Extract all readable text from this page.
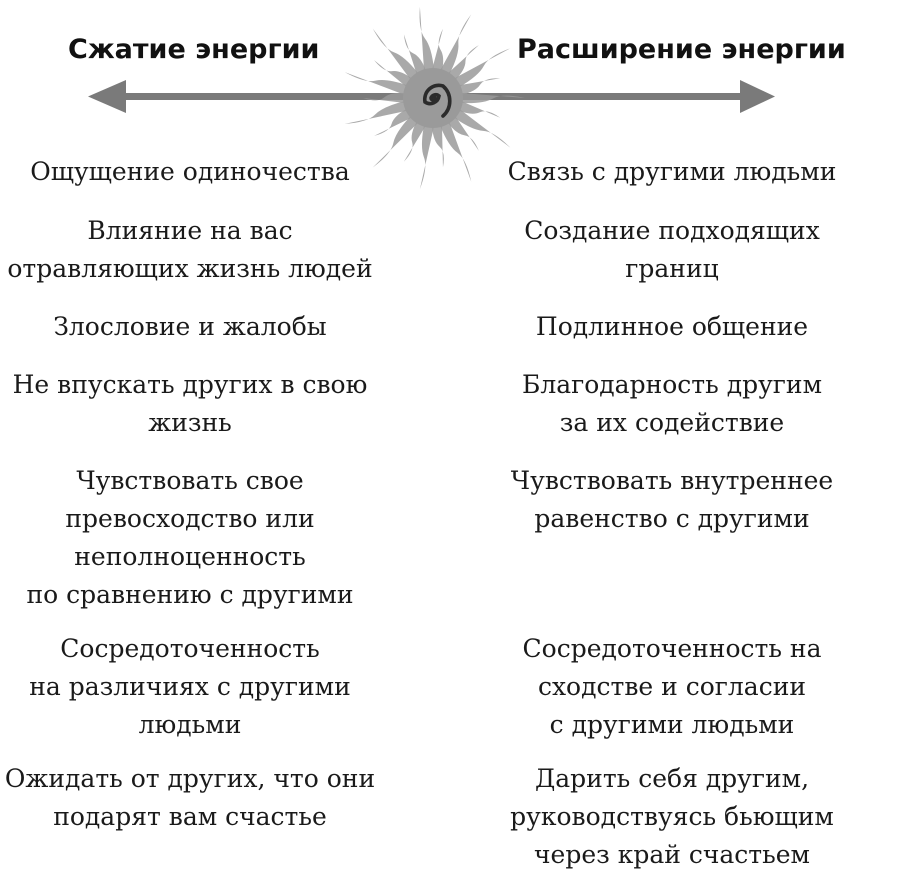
Сжатие энергии	Расширение энергии
Ощущение одиночества
Влияние на вас
отравляющих жизнь людей
Злословие и жалобы
Не впускать других в свою
жизнь
Чувствовать свое
превосходство или
неполноценность
по сравнению с другими
Сосредоточенность
на различиях с другими
людьми
Ожидать от других, что они
подарят вам счастье
Связь с другими людьми
Создание подходящих
границ
Подлинное общение
Благодарность другим
за их содействие
Чувствовать внутреннее
равенство с другими
Сосредоточенность на
сходстве и согласии
с другими людьми
Дарить себя другим,
руководствуясь бьющим
через край счастьем
